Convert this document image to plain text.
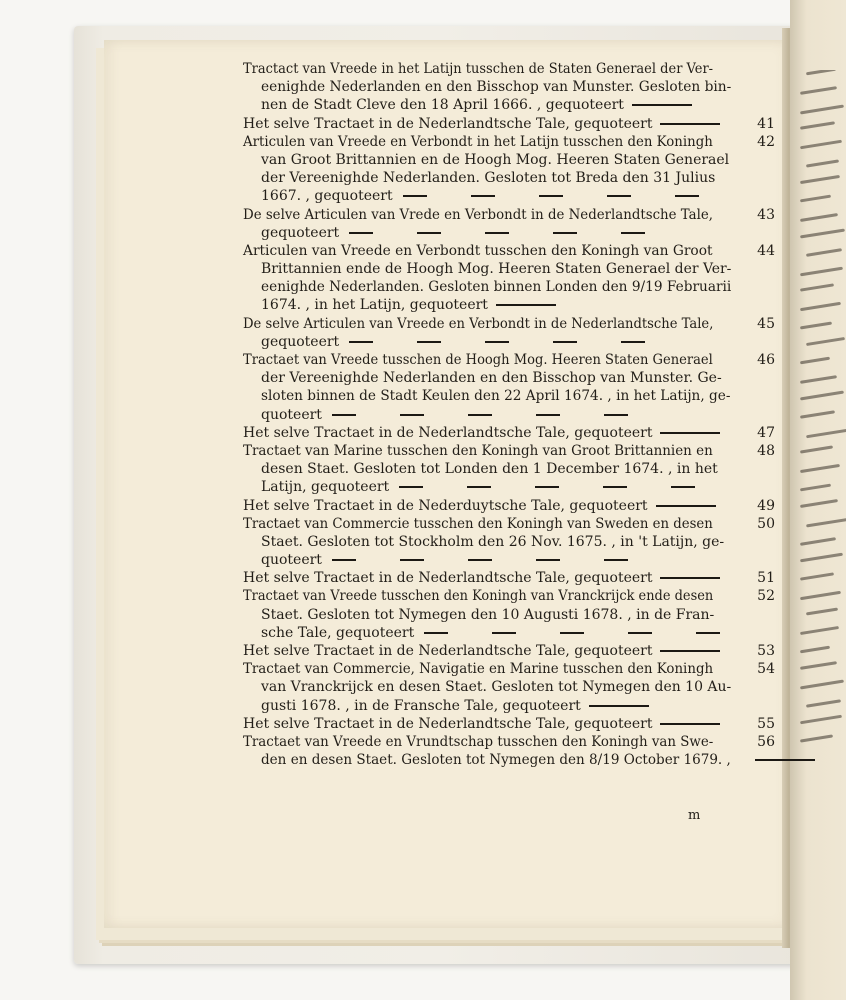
Tractact van Vreede in het Latijn tusschen de Staten Generael der Ver-
eenighde Nederlanden en den Bisschop van Munster. Gesloten bin-
nen de Stadt Cleve den 18 April 1666. , gequoteert
Het selve Tractaet in de Nederlandtsche Tale, gequoteert	41
Articulen van Vreede en Verbondt in het Latijn tusschen den Koningh	42
van Groot Brittannien en de Hoogh Mog. Heeren Staten Generael
der Vereenighde Nederlanden. Gesloten tot Breda den 31 Julius
1667. , gequoteert
De selve Articulen van Vrede en Verbondt in de Nederlandtsche Tale,	43
gequoteert
Articulen van Vreede en Verbondt tusschen den Koningh van Groot	44
Brittannien ende de Hoogh Mog. Heeren Staten Generael der Ver-
eenighde Nederlanden. Gesloten binnen Londen den 9/19 Februarii
1674. , in het Latijn, gequoteert
De selve Articulen van Vreede en Verbondt in de Nederlandtsche Tale,	45
gequoteert
Tractaet van Vreede tusschen de Hoogh Mog. Heeren Staten Generael	46
der Vereenighde Nederlanden en den Bisschop van Munster. Ge-
sloten binnen de Stadt Keulen den 22 April 1674. , in het Latijn, ge-
quoteert
Het selve Tractaet in de Nederlandtsche Tale, gequoteert	47
Tractaet van Marine tusschen den Koningh van Groot Brittannien en	48
desen Staet. Gesloten tot Londen den 1 December 1674. , in het
Latijn, gequoteert
Het selve Tractaet in de Nederduytsche Tale, gequoteert	49
Tractaet van Commercie tusschen den Koningh van Sweden en desen	50
Staet. Gesloten tot Stockholm den 26 Nov. 1675. , in 't Latijn, ge-
quoteert
Het selve Tractaet in de Nederlandtsche Tale, gequoteert	51
Tractaet van Vreede tusschen den Koningh van Vranckrijck ende desen	52
Staet. Gesloten tot Nymegen den 10 Augusti 1678. , in de Fran-
sche Tale, gequoteert
Het selve Tractaet in de Nederlandtsche Tale, gequoteert	53
Tractaet van Commercie, Navigatie en Marine tusschen den Koningh	54
van Vranckrijck en desen Staet. Gesloten tot Nymegen den 10 Au-
gusti 1678. , in de Fransche Tale, gequoteert
Het selve Tractaet in de Nederlandtsche Tale, gequoteert	55
Tractaet van Vreede en Vrundtschap tusschen den Koningh van Swe-	56
den en desen Staet. Gesloten tot Nymegen den 8/19 October 1679. ,
m
